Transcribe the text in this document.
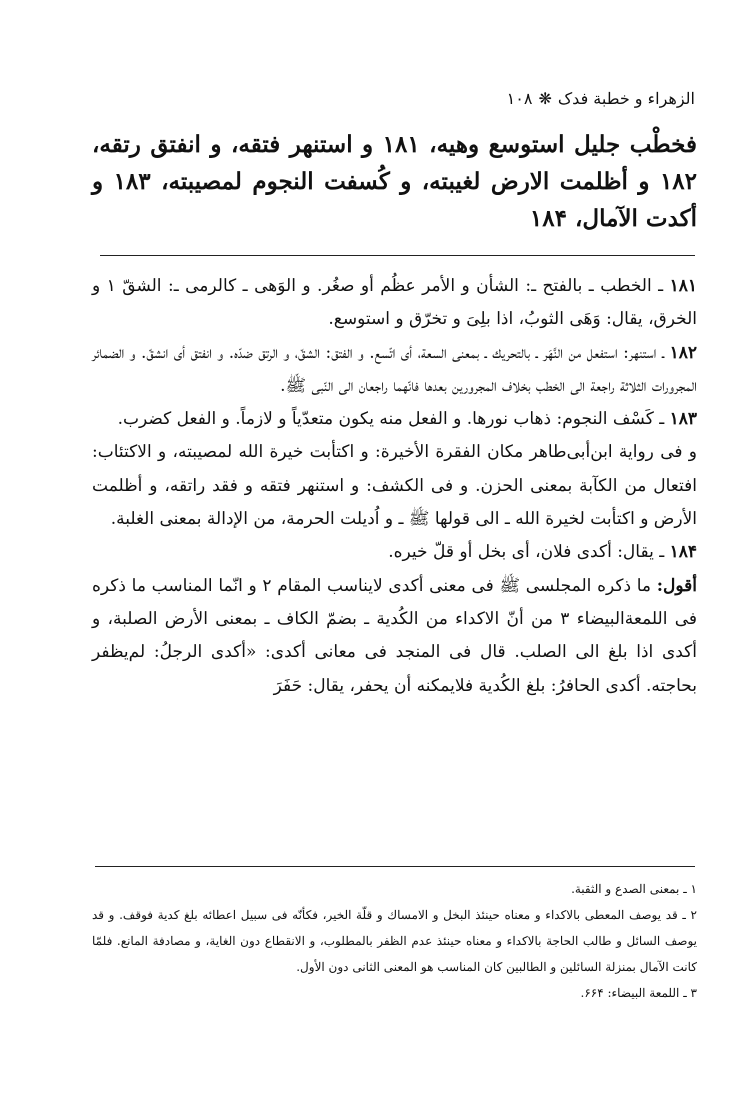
الزهراء و خطبة فدک❋۱۰۸
فخطْب جليل استوسع وهيه، ۱۸۱ و استنهر فتقه، و انفتق رتقه، ۱۸۲ و أظلمت الارض لغيبته، و كُسفت النجوم لمصيبته، ۱۸۳ و أكدت الآمال، ۱۸۴

۱۸۱ ـ الخطب ـ بالفتح ـ: الشأن و الأمر عظُم أو صغُر. و الوَهی ـ كالرمی ـ: الشقّ ۱ و الخرق، يقال: وَهَی الثوبُ، اذا بلِیَ و تخرّق و استوسع.

۱۸۲ ـ استنهر: استفعل من النَّهَر ـ بالتحريك ـ بمعنی السعة، أی اتّسع. و الفتق: الشقّ، و الرتق ضدّه. و انفتق أی انشقّ. و الضمائر المجرورات الثلاثة راجعة الی الخطب بخلاف المجرورين بعدها فانّهما راجعان الی النّبی ﷺ.

۱۸۳ ـ كَسْف النجوم: ذهاب نورها. و الفعل منه يكون متعدّياً و لازماً. و الفعل كضرب.

و فی رواية ابن‌أبی‌طاهر مكان الفقرة الأخيرة: و اكتأبت خيرة الله لمصيبته، و الاكتئاب: افتعال من الكآبة بمعنی الحزن. و فی الكشف: و استنهر فتقه و فقد راتقه، و أظلمت الأرض و اكتأبت لخيرة الله ـ الی قولها ﷺ ـ و اُديلت الحرمة، من الإدالة بمعنی الغلبة.

۱۸۴ ـ يقال: أكدی فلان، أی بخل أو قلّ خيره.

أقول: ما ذكره المجلسی ﷺ فی معنی أكدی لايناسب المقام ۲ و انّما المناسب ما ذكره فی اللمعةالبيضاء ۳ من أنّ الاكداء من الكُدية ـ بضمّ الكاف ـ بمعنی الأرض الصلبة، و أكدی اذا بلغ الی الصلب. قال فی المنجد فی معانی أكدی: «أكدی الرجلُ: لم‌يظفر بحاجته. أكدی الحافرُ: بلغ الكُدية فلايمكنه أن يحفر، يقال: حَفَرَ

۱ ـ بمعنی الصدع و الثقبة.

۲ ـ قد يوصف المعطی بالاكداء و معناه حينئذ البخل و الامساك و قلّة الخير، فكأنّه فی سبيل اعطائه بلغ كدية فوقف. و قد يوصف السائل و طالب الحاجة بالاكداء و معناه حينئذ عدم الظفر بالمطلوب، و الانقطاع دون الغاية، و مصادفة المانع. فلمّا كانت الآمال بمنزلة السائلين و الطالبين كان المناسب هو المعنی الثانی دون الأول.

۳ ـ اللمعة البيضاء: ۶۶۴.
